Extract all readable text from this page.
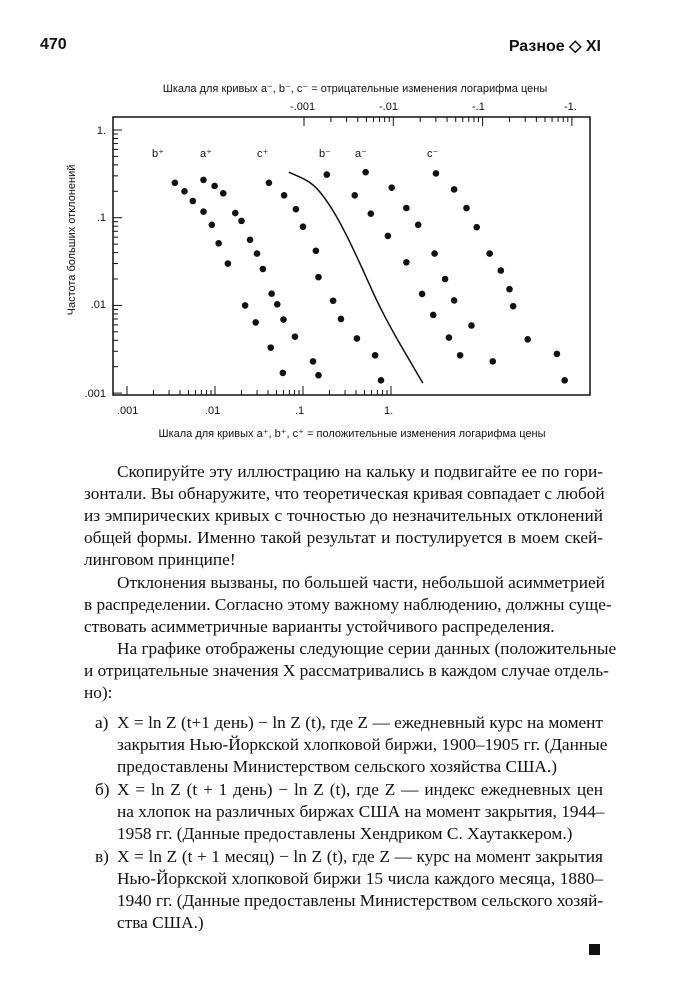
470	Разное ◇ XI
Шкала для кривых a⁻, b⁻, c⁻ = отрицательные изменения логарифма цены
Шкала для кривых a⁺, b⁺, c⁺ = положительные изменения логарифма цены
Частота больших отклонений
.001	.01	.1	1.
-.001	-.01	-.1	-1.
1.
.1
.01
.001
b⁺	a⁺	c⁺	b⁻ a⁻	c⁻
Скопируйте эту иллюстрацию на кальку и подвигайте ее по гори-
зонтали. Вы обнаружите, что теоретическая кривая совпадает с любой
из эмпирических кривых с точностью до незначительных отклонений
общей формы. Именно такой результат и постулируется в моем скей-
линговом принципе!
Отклонения вызваны, по большей части, небольшой асимметрией
в распределении. Согласно этому важному наблюдению, должны суще-
ствовать асимметричные варианты устойчивого распределения.
На графике отображены следующие серии данных (положительные
и отрицательные значения X рассматривались в каждом случае отдель-
но):
а) X = ln Z (t+1 день) − ln Z (t), где Z — ежедневный курс на момент
закрытия Нью-Йоркской хлопковой биржи, 1900–1905 гг. (Данные
предоставлены Министерством сельского хозяйства США.)
б) X = ln Z (t + 1 день) − ln Z (t), где Z — индекс ежедневных цен
на хлопок на различных биржах США на момент закрытия, 1944–
1958 гг. (Данные предоставлены Хендриком С. Хаутаккером.)
в) X = ln Z (t + 1 месяц) − ln Z (t), где Z — курс на момент закрытия
Нью-Йоркской хлопковой биржи 15 числа каждого месяца, 1880–
1940 гг. (Данные предоставлены Министерством сельского хозяй-
ства США.)
